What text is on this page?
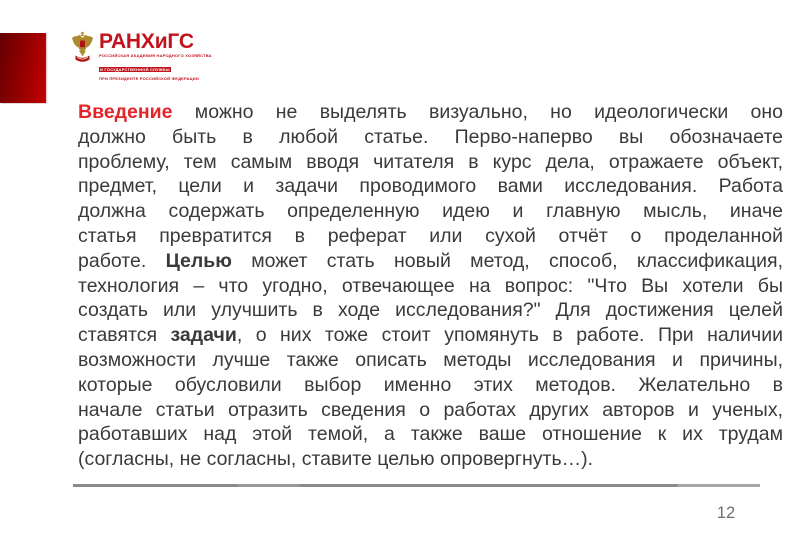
РАНХиГС
РОССИЙСКАЯ АКАДЕМИЯ НАРОДНОГО ХОЗЯЙСТВА
И ГОСУДАРСТВЕННОЙ СЛУЖБЫ
ПРИ ПРЕЗИДЕНТЕ РОССИЙСКОЙ ФЕДЕРАЦИИ
Введение можно не выделять визуально, но идеологически оно
должно быть в любой статье. Перво-наперво вы обозначаете
проблему, тем самым вводя читателя в курс дела, отражаете объект,
предмет, цели и задачи проводимого вами исследования. Работа
должна содержать определенную идею и главную мысль, иначе
статья превратится в реферат или сухой отчёт о проделанной
работе. Целью может стать новый метод, способ, классификация,
технология – что угодно, отвечающее на вопрос: "Что Вы хотели бы
создать или улучшить в ходе исследования?" Для достижения целей
ставятся задачи, о них тоже стоит упомянуть в работе. При наличии
возможности лучше также описать методы исследования и причины,
которые обусловили выбор именно этих методов. Желательно в
начале статьи отразить сведения о работах других авторов и ученых,
работавших над этой темой, а также ваше отношение к их трудам
(согласны, не согласны, ставите целью опровергнуть…).
12
